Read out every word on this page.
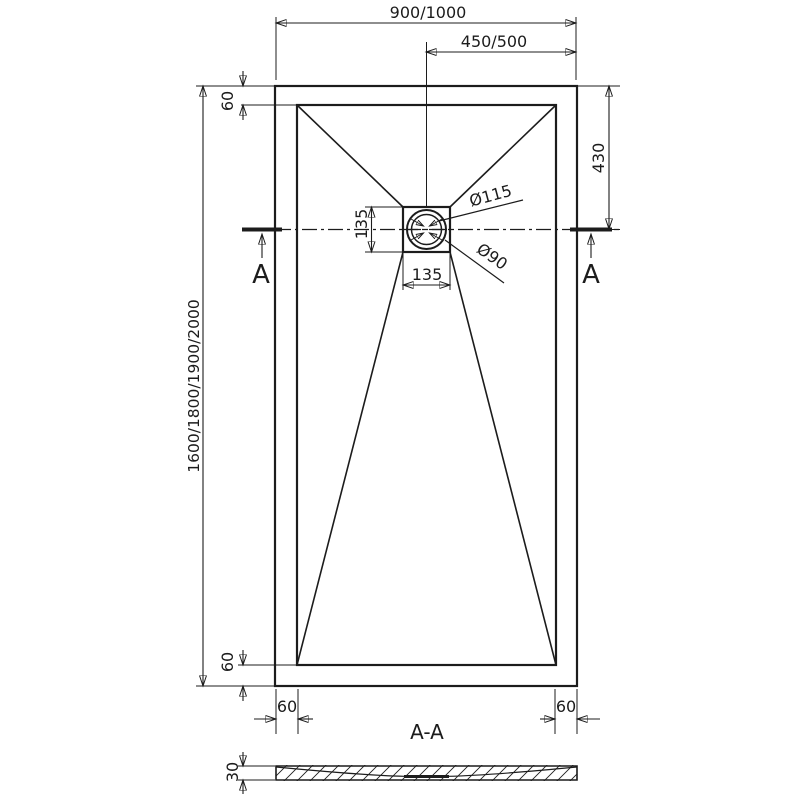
900/1000
450/500
60
1600/1800/1900/2000
430
135
135
Ø115
Ø90
60
60	60
A	A
A-A
30
